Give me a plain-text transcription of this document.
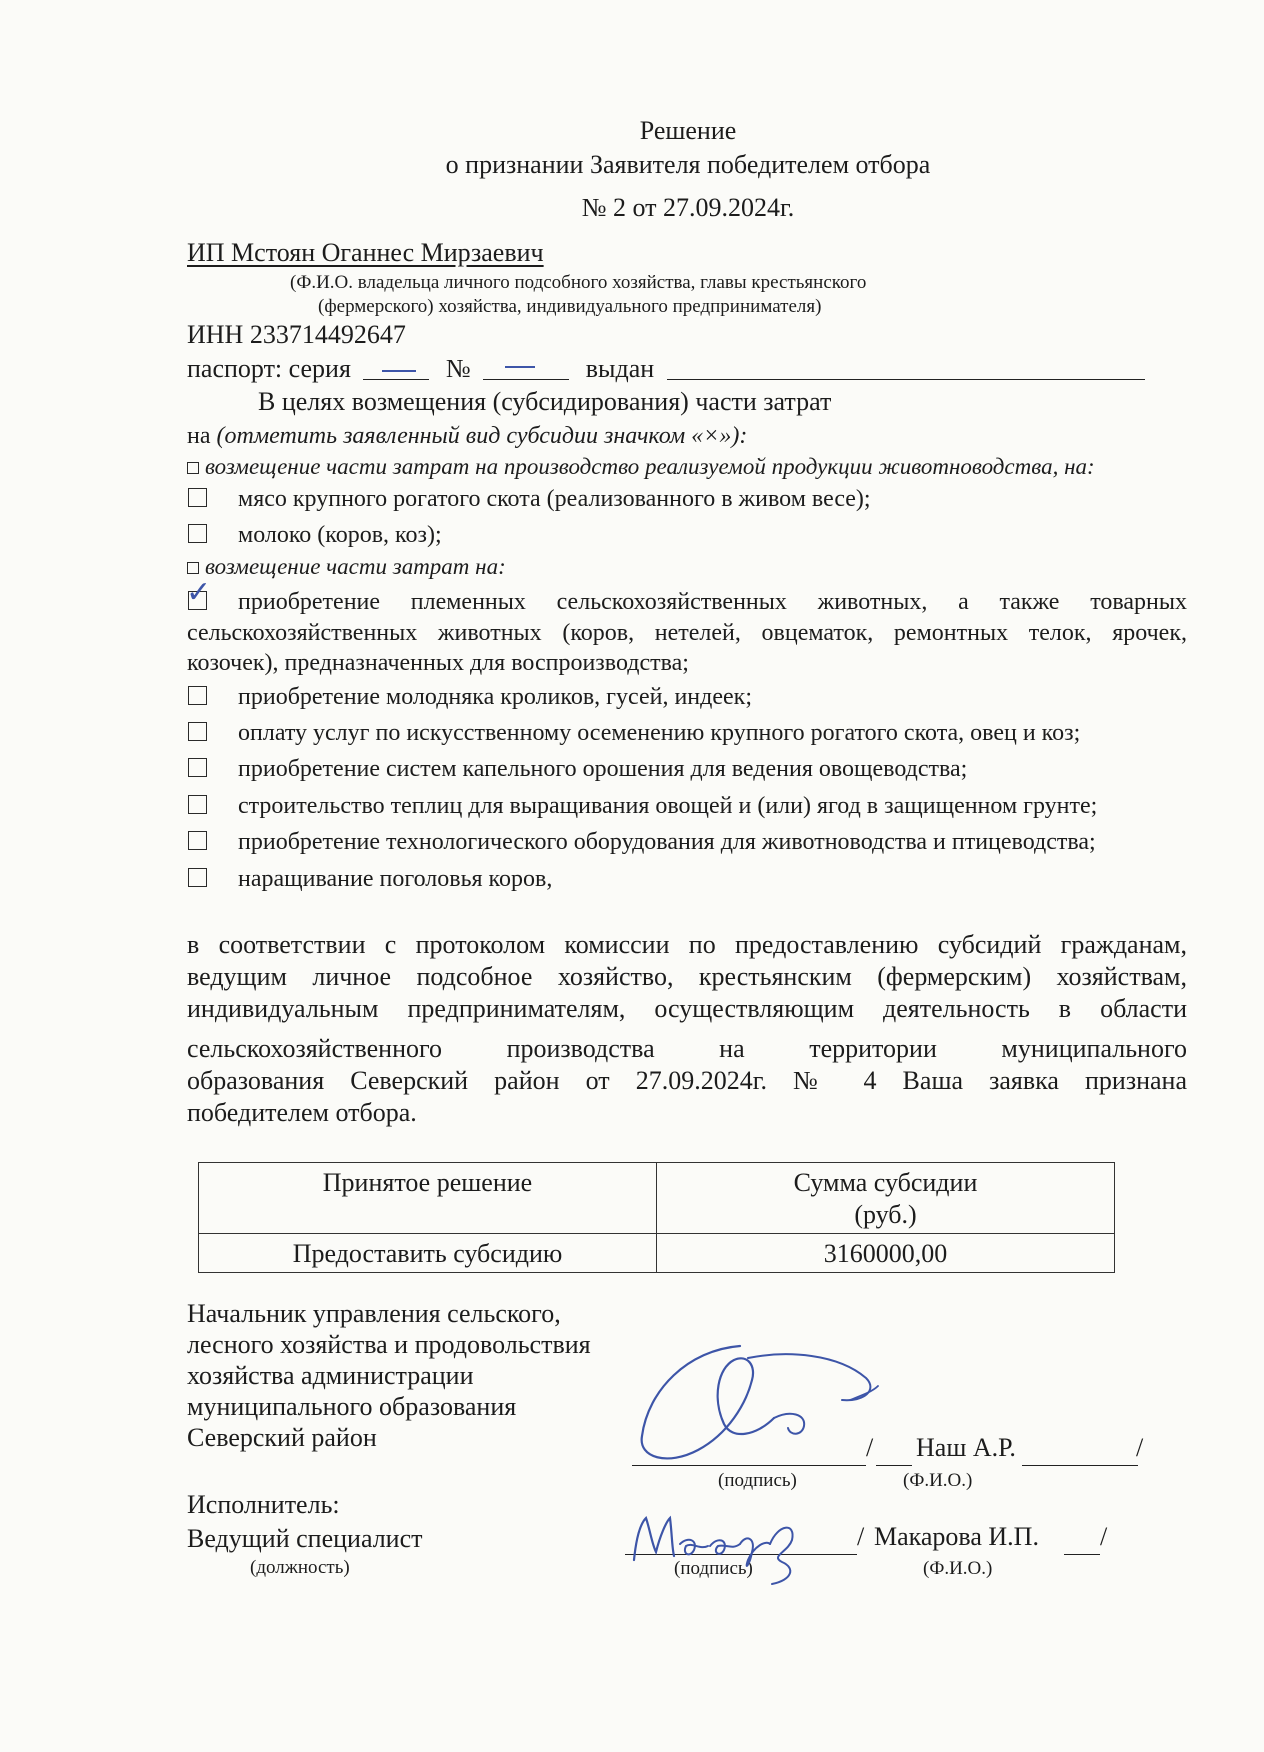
Решение
о признании Заявителя победителем отбора
№ 2 от 27.09.2024г.
ИП Мстоян Оганнес Мирзаевич
(Ф.И.О. владельца личного подсобного хозяйства, главы крестьянского
(фермерского) хозяйства, индивидуального предпринимателя)
ИНН 233714492647
паспорт: серия	№	выдан
В целях возмещения (субсидирования) части затрат
на (отметить заявленный вид субсидии значком «×»):
возмещение части затрат на производство реализуемой продукции животноводства, на:
мясо крупного рогатого скота (реализованного в живом весе);
молоко (коров, коз);
возмещение части затрат на:
✓ приобретение племенных сельскохозяйственных животных, а также товарных
сельскохозяйственных животных (коров, нетелей, овцематок, ремонтных телок, ярочек,
козочек), предназначенных для воспроизводства;
приобретение молодняка кроликов, гусей, индеек;
оплату услуг по искусственному осеменению крупного рогатого скота, овец и коз;
приобретение систем капельного орошения для ведения овощеводства;
строительство теплиц для выращивания овощей и (или) ягод в защищенном грунте;
приобретение технологического оборудования для животноводства и птицеводства;
наращивание поголовья коров,
в соответствии с протоколом комиссии по предоставлению субсидий гражданам,
ведущим личное подсобное хозяйство, крестьянским (фермерским) хозяйствам,
индивидуальным предпринимателям, осуществляющим деятельность в области
сельскохозяйственного производства на территории муниципального
образования Северский район от 27.09.2024г. № 4 Ваша заявка признана
победителем отбора.
Принятое решение	Сумма субсидии
(руб.)

Предоставить субсидию	3160000,00
Начальник управления сельского,
лесного хозяйства и продовольствия
хозяйства администрации
муниципального образования
Северский район	/ Наш А.Р.	/
(подпись)	(Ф.И.О.)
Исполнитель:
Ведущий специалист
(должность)
/ Макарова И.П. /
(подпись)	(Ф.И.О.)
